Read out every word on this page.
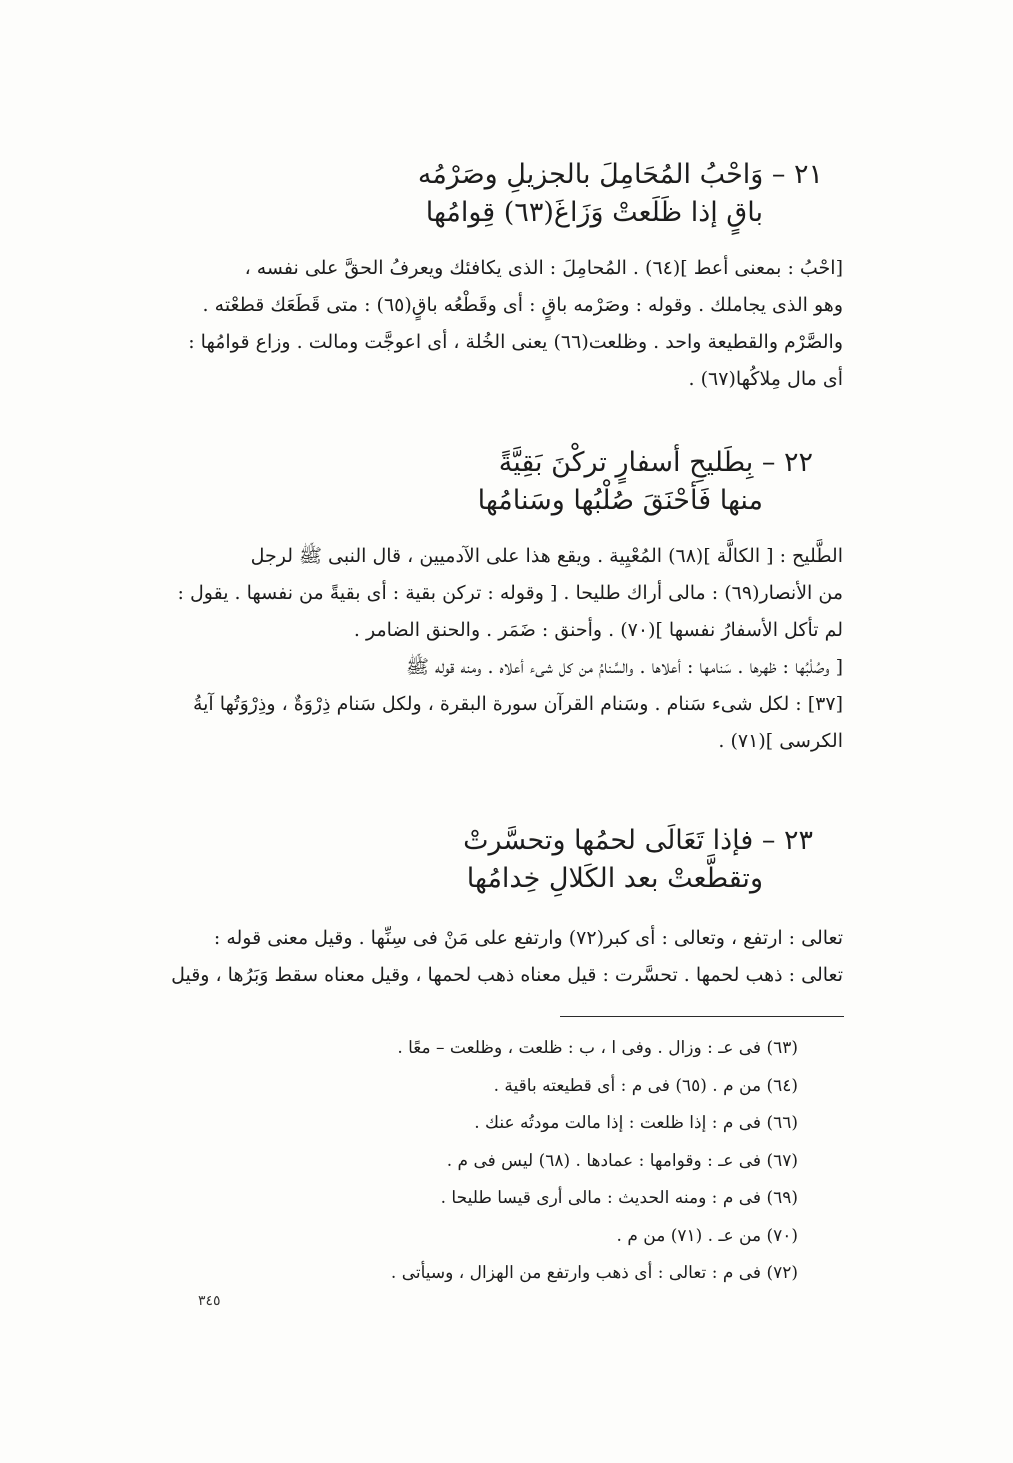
٢١ – وَاحْبُ المُحَامِلَ بالجزيلِ وصَرْمُه
باقٍ إذا ظَلَعتْ وَزَاغَ(٦٣) قِوامُها

[احْبُ : بمعنى أعط ](٦٤) . المُحامِلَ : الذى يكافئك ويعرفُ الحقَّ على نفسه ،

وهو الذى يجاملك . وقوله : وصَرْمه باقٍ : أى وقَطْعُه باقٍ(٦٥) : متى قَطَعَك قطعْته .

والصَّرْم والقطيعة واحد . وظلعت(٦٦) يعنى الخُلة ، أى اعوجَّت ومالت . وزاع قوامُها :

أى مال مِلاكُها(٦٧) .

٢٢ – بِطَليحِ أسفارٍ تركْنَ بَقِيَّةً
منها فَأحْنَقَ صُلْبُها وسَنامُها

الطَّليح : [ الكالَّة ](٦٨) المُعْيِية . ويقع هذا على الآدميين ، قال النبى ﷺ لرجل

من الأنصار(٦٩) : مالى أراك طليحا . [ وقوله : تركن بقية : أى بقيةً من نفسها . يقول :

لم تأكل الأسفارُ نفسها ](٧٠) . وأحنق : ضَمَر . والحنق الضامر .

[ وصُلْبُها : ظهرها . سَنامها : أعلاها . والسَّنامُ من كل شىء أعلاه . ومنه قوله ﷺ

[٣٧] : لكل شىء سَنام . وسَنام القرآن سورة البقرة ، ولكل سَنام ذِرْوَةٌ ، وذِرْوَتُها آيةُ

الكرسى ](٧١) .

٢٣ – فإذا تَعَالَى لحمُها وتحسَّرتْ
وتقطَّعتْ بعد الكَلالِ خِدامُها

تعالى : ارتفع ، وتعالى : أى كبر(٧٢) وارتفع على مَنْ فى سِنِّها . وقيل معنى قوله :

تعالى : ذهب لحمها . تحسَّرت : قيل معناه ذهب لحمها ، وقيل معناه سقط وَبَرُها ، وقيل

(٦٣) فى عـ : وزال . وفى ا ، ب : ظلعت ، وظلعت – معًا .
(٦٤) من م . (٦٥) فى م : أى قطيعته باقية .
(٦٦) فى م : إذا ظلعت : إذا مالت مودتُه عنك .
(٦٧) فى عـ : وقوامها : عمادها . (٦٨) ليس فى م .
(٦٩) فى م : ومنه الحديث : مالى أرى قيسا طليحا .
(٧٠) من عـ . (٧١) من م .
(٧٢) فى م : تعالى : أى ذهب وارتفع من الهزال ، وسيأتى .
٣٤٥
